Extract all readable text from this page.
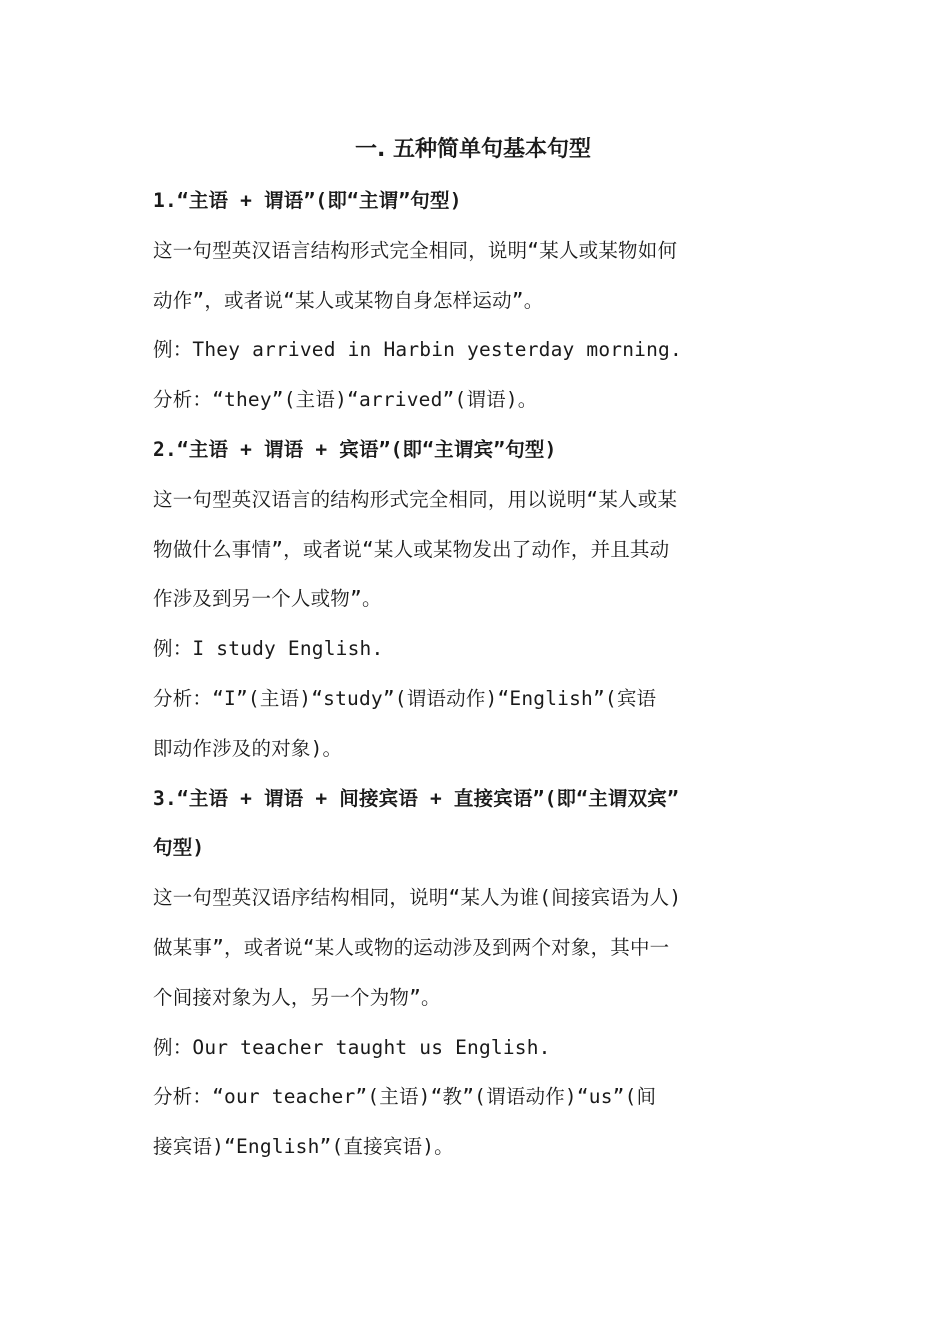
一. 五种简单句基本句型
1.“主语 + 谓语”(即“主谓”句型)
这一句型英汉语言结构形式完全相同，说明“某人或某物如何
动作”，或者说“某人或某物自身怎样运动”。
例：They arrived in Harbin yesterday morning.
分析：“they”(主语)“arrived”(谓语)。
2.“主语 + 谓语 + 宾语”(即“主谓宾”句型)
这一句型英汉语言的结构形式完全相同，用以说明“某人或某
物做什么事情”，或者说“某人或某物发出了动作，并且其动
作涉及到另一个人或物”。
例：I study English.
分析：“I”(主语)“study”(谓语动作)“English”(宾语
即动作涉及的对象)。
3.“主语 + 谓语 + 间接宾语 + 直接宾语”(即“主谓双宾”
句型)
这一句型英汉语序结构相同，说明“某人为谁(间接宾语为人)
做某事”，或者说“某人或物的运动涉及到两个对象，其中一
个间接对象为人，另一个为物”。
例：Our teacher taught us English.
分析：“our teacher”(主语)“教”(谓语动作)“us”(间
接宾语)“English”(直接宾语)。
